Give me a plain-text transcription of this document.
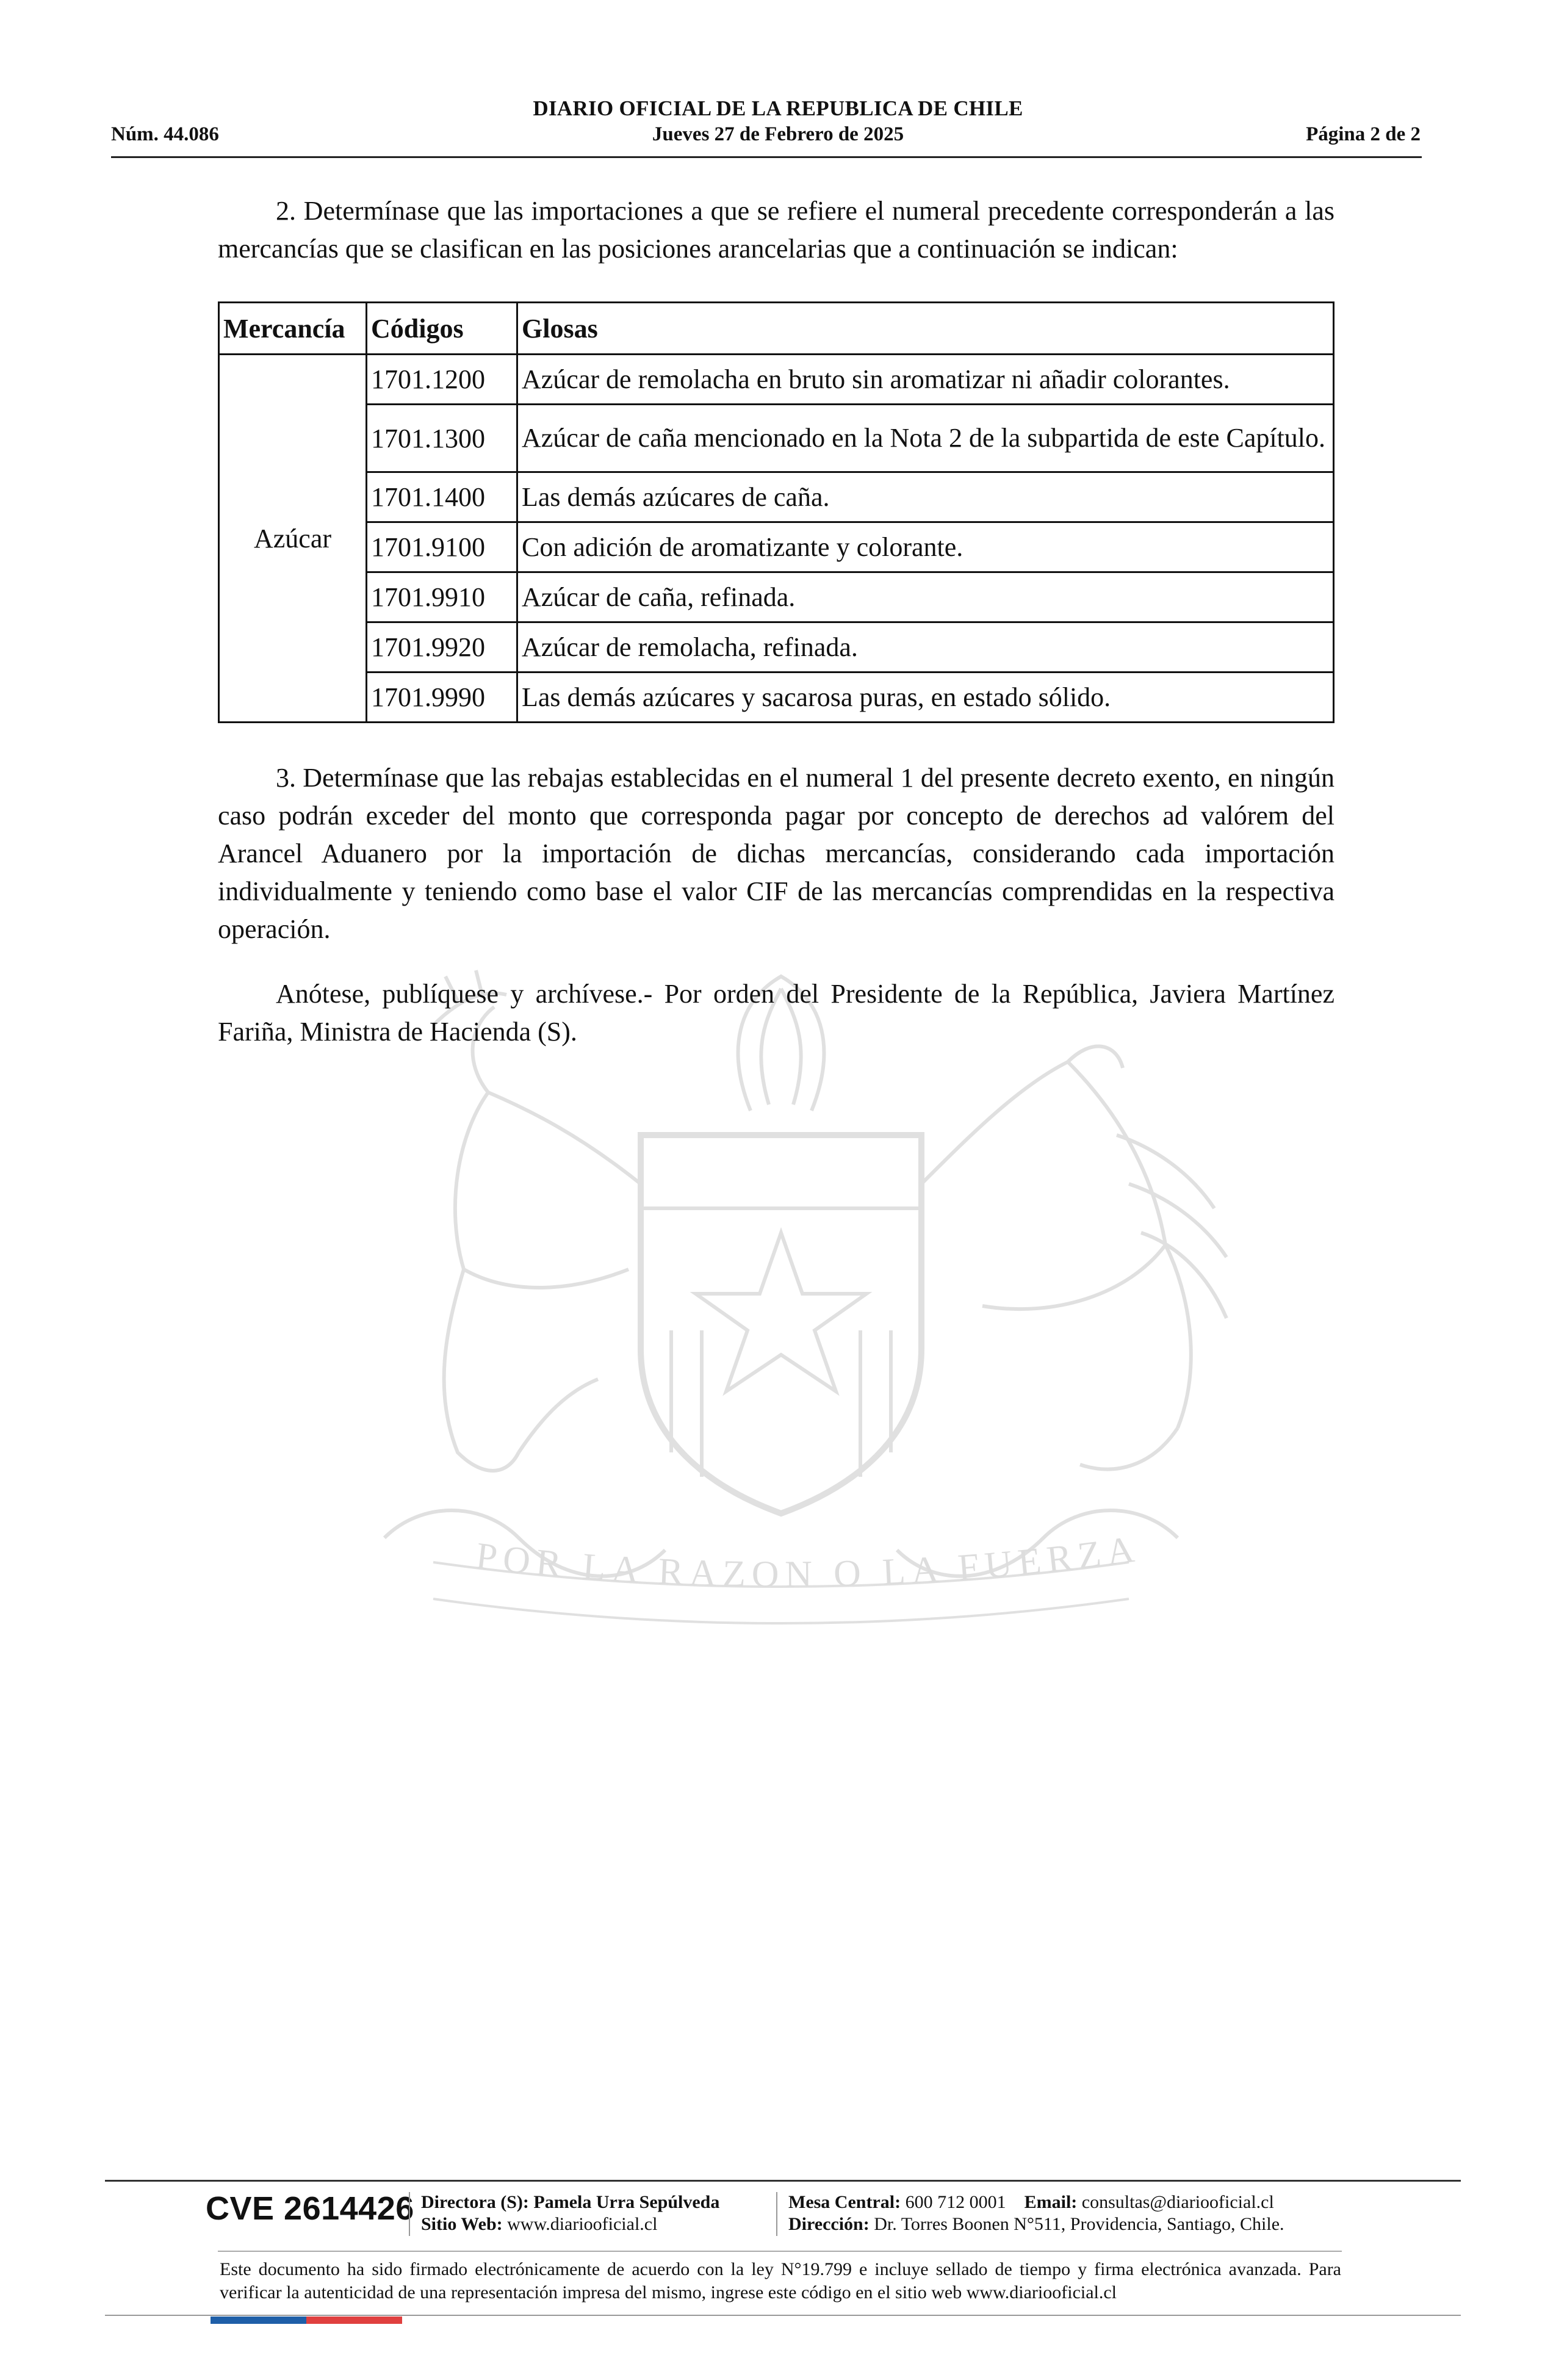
POR LA RAZON O LA FUERZA
DIARIO OFICIAL DE LA REPUBLICA DE CHILE
Núm. 44.086	Jueves 27 de Febrero de 2025	Página 2 de 2

2. Determínase que las importaciones a que se refiere el numeral precedente corresponderán a las mercancías que se clasifican en las posiciones arancelarias que a continuación se indican:

Mercancía	Códigos	Glosas
Azúcar	1701.1200	Azúcar de remolacha en bruto sin aromatizar ni añadir colorantes.
	1701.1300	Azúcar de caña mencionado en la Nota 2 de la subpartida de este Capítulo.
	1701.1400	Las demás azúcares de caña.
	1701.9100	Con adición de aromatizante y colorante.
	1701.9910	Azúcar de caña, refinada.
	1701.9920	Azúcar de remolacha, refinada.
	1701.9990	Las demás azúcares y sacarosa puras, en estado sólido.

3. Determínase que las rebajas establecidas en el numeral 1 del presente decreto exento, en ningún caso podrán exceder del monto que corresponda pagar por concepto de derechos ad valórem del Arancel Aduanero por la importación de dichas mercancías, considerando cada importación individualmente y teniendo como base el valor CIF de las mercancías comprendidas en la respectiva operación.

Anótese, publíquese y archívese.- Por orden del Presidente de la República, Javiera Martínez Fariña, Ministra de Hacienda (S).

CVE 2614426 Directora (S): Pamela Urra Sepúlveda
Sitio Web: www.diariooficial.cl
Mesa Central: 600 712 0001 Email: consultas@diariooficial.cl
Dirección: Dr. Torres Boonen N°511, Providencia, Santiago, Chile.

Este documento ha sido firmado electrónicamente de acuerdo con la ley N°19.799 e incluye sellado de tiempo y firma electrónica avanzada. Para verificar la autenticidad de una representación impresa del mismo, ingrese este código en el sitio web www.diariooficial.cl
